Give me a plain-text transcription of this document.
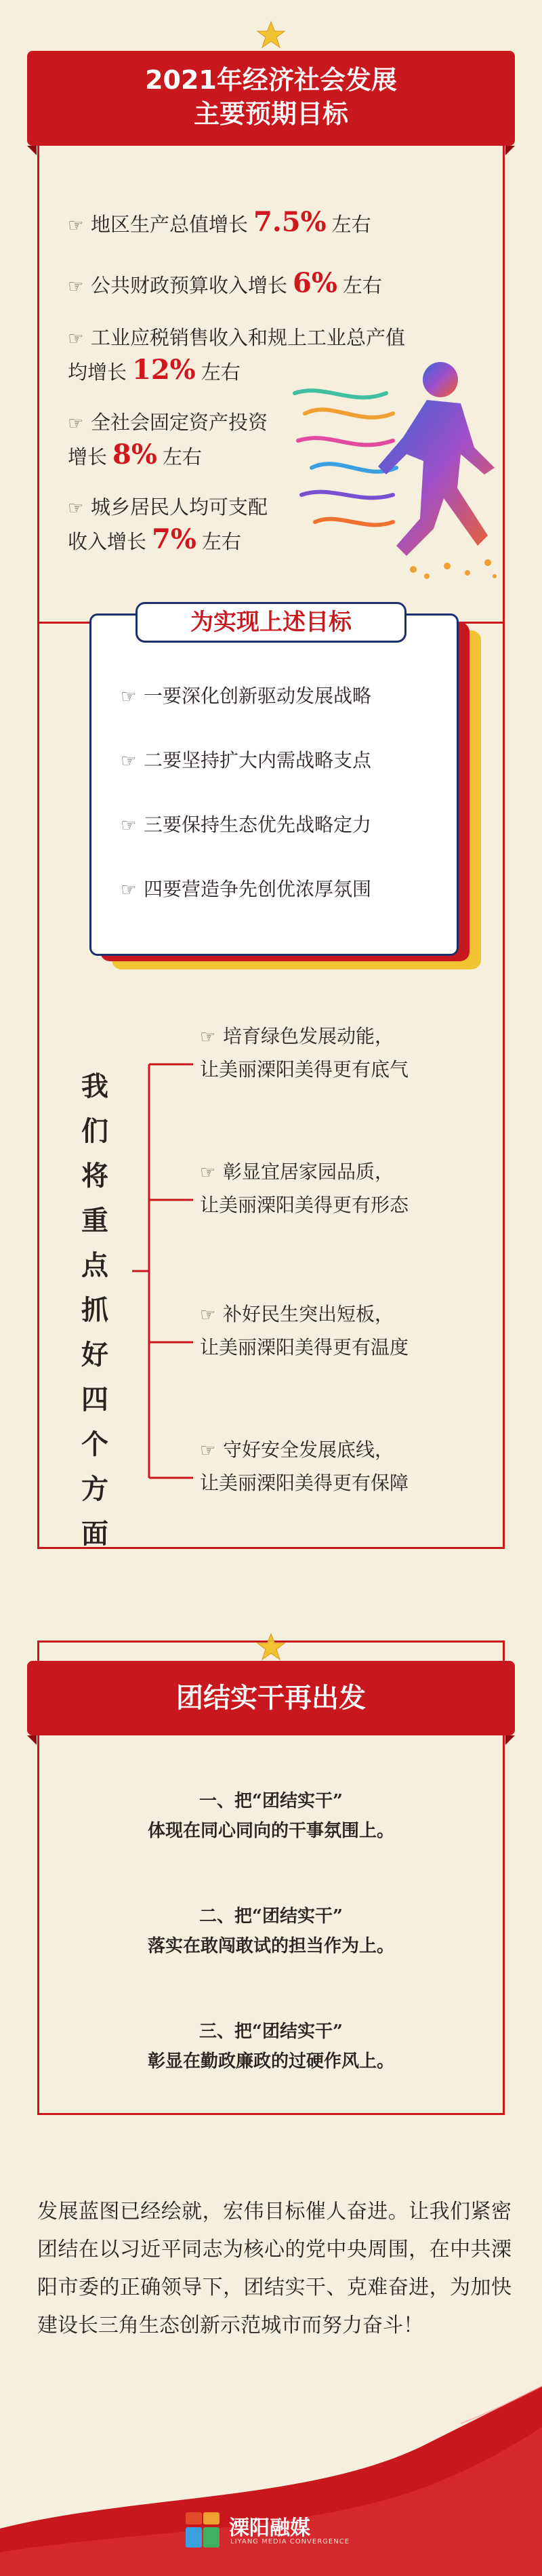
2021年经济社会发展
主要预期目标
☞ 地区生产总值增长 7.5% 左右
☞ 公共财政预算收入增长 6% 左右
☞ 工业应税销售收入和规上工业总产值
均增长 12% 左右
☞ 全社会固定资产投资
增长 8% 左右
☞ 城乡居民人均可支配
收入增长 7% 左右
为实现上述目标
☞ 一要深化创新驱动发展战略
☞ 二要坚持扩大内需战略支点
☞ 三要保持生态优先战略定力
☞ 四要营造争先创优浓厚氛围
我
们
将
重
点
抓
好
四
个
方
面
☞ 培育绿色发展动能，
让美丽溧阳美得更有底气
☞ 彰显宜居家园品质，
让美丽溧阳美得更有形态
☞ 补好民生突出短板，
让美丽溧阳美得更有温度
☞ 守好安全发展底线，
让美丽溧阳美得更有保障
团结实干再出发
一、把“团结实干”
体现在同心同向的干事氛围上。
二、把“团结实干”
落实在敢闯敢试的担当作为上。
三、把“团结实干”
彰显在勤政廉政的过硬作风上。
发展蓝图已经绘就，宏伟目标催人奋进。让我们紧密团结在以习近平同志为核心的党中央周围，在中共溧阳市委的正确领导下，团结实干、克难奋进，为加快建设长三角生态创新示范城市而努力奋斗！
溧阳融媒
LIYANG MEDIA CONVERGENCE
